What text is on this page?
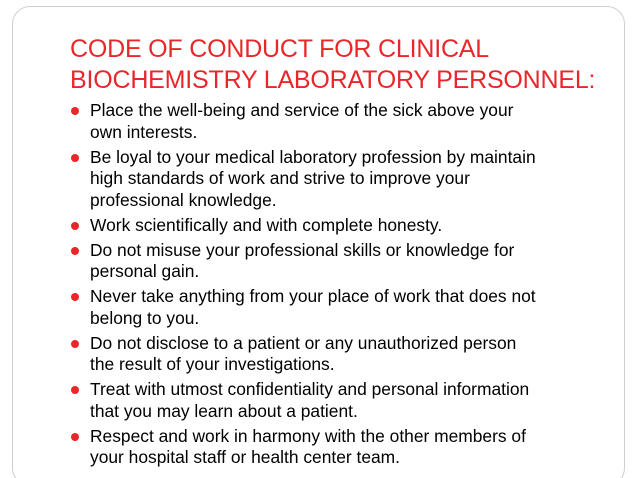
CODE OF CONDUCT FOR CLINICAL
BIOCHEMISTRY LABORATORY PERSONNEL:
Place the well-being and service of the sick above your
own interests.
Be loyal to your medical laboratory profession by maintain
high standards of work and strive to improve your
professional knowledge.
Work scientifically and with complete honesty.
Do not misuse your professional skills or knowledge for
personal gain.
Never take anything from your place of work that does not
belong to you.
Do not disclose to a patient or any unauthorized person
the result of your investigations.
Treat with utmost confidentiality and personal information
that you may learn about a patient.
Respect and work in harmony with the other members of
your hospital staff or health center team.
